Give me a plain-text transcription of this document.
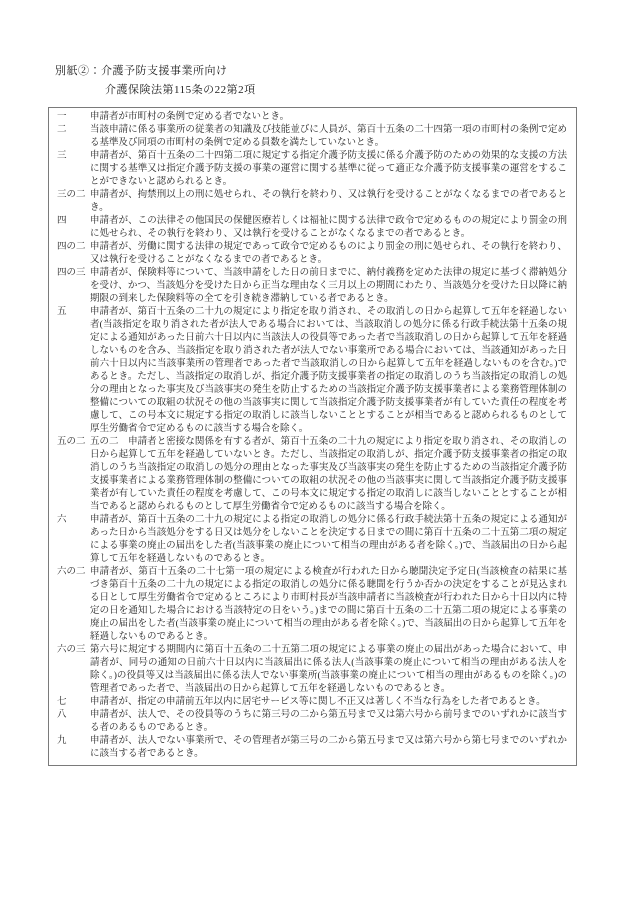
別紙②：介護予防支援事業所向け
介護保険法第115条の22第2項
一	申請者が市町村の条例で定める者でないとき。
二	当該申請に係る事業所の従業者の知識及び技能並びに人員が、第百十五条の二十四第一項の市町村の条例で定める基準及び同項の市町村の条例で定める員数を満たしていないとき。
三	申請者が、第百十五条の二十四第二項に規定する指定介護予防支援に係る介護予防のための効果的な支援の方法に関する基準又は指定介護予防支援の事業の運営に関する基準に従って適正な介護予防支援事業の運営をすることができないと認められるとき。
三の二 申請者が、拘禁刑以上の刑に処せられ、その執行を終わり、又は執行を受けることがなくなるまでの者であるとき。
四	申請者が、この法律その他国民の保健医療若しくは福祉に関する法律で政令で定めるものの規定により罰金の刑に処せられ、その執行を終わり、又は執行を受けることがなくなるまでの者であるとき。
四の二 申請者が、労働に関する法律の規定であって政令で定めるものにより罰金の刑に処せられ、その執行を終わり、又は執行を受けることがなくなるまでの者であるとき。
四の三 申請者が、保険料等について、当該申請をした日の前日までに、納付義務を定めた法律の規定に基づく滞納処分を受け、かつ、当該処分を受けた日から正当な理由なく三月以上の期間にわたり、当該処分を受けた日以降に納期限の到来した保険料等の全てを引き続き滞納している者であるとき。
五	申請者が、第百十五条の二十九の規定により指定を取り消され、その取消しの日から起算して五年を経過しない者(当該指定を取り消された者が法人である場合においては、当該取消しの処分に係る行政手続法第十五条の規定による通知があった日前六十日以内に当該法人の役員等であった者で当該取消しの日から起算して五年を経過しないものを含み、当該指定を取り消された者が法人でない事業所である場合においては、当該通知があった日前六十日以内に当該事業所の管理者であった者で当該取消しの日から起算して五年を経過しないものを含む。)であるとき。ただし、当該指定の取消しが、指定介護予防支援事業者の指定の取消しのうち当該指定の取消しの処分の理由となった事実及び当該事実の発生を防止するための当該指定介護予防支援事業者による業務管理体制の整備についての取組の状況その他の当該事実に関して当該指定介護予防支援事業者が有していた責任の程度を考慮して、この号本文に規定する指定の取消しに該当しないこととすることが相当であると認められるものとして厚生労働省令で定めるものに該当する場合を除く。
五の二 五の二　申請者と密接な関係を有する者が、第百十五条の二十九の規定により指定を取り消され、その取消しの日から起算して五年を経過していないとき。ただし、当該指定の取消しが、指定介護予防支援事業者の指定の取消しのうち当該指定の取消しの処分の理由となった事実及び当該事実の発生を防止するための当該指定介護予防支援事業者による業務管理体制の整備についての取組の状況その他の当該事実に関して当該指定介護予防支援事業者が有していた責任の程度を考慮して、この号本文に規定する指定の取消しに該当しないこととすることが相当であると認められるものとして厚生労働省令で定めるものに該当する場合を除く。
六	申請者が、第百十五条の二十九の規定による指定の取消しの処分に係る行政手続法第十五条の規定による通知があった日から当該処分をする日又は処分をしないことを決定する日までの間に第百十五条の二十五第二項の規定による事業の廃止の届出をした者(当該事業の廃止について相当の理由がある者を除く。)で、当該届出の日から起算して五年を経過しないものであるとき。
六の二 申請者が、第百十五条の二十七第一項の規定による検査が行われた日から聴聞決定予定日(当該検査の結果に基づき第百十五条の二十九の規定による指定の取消しの処分に係る聴聞を行うか否かの決定をすることが見込まれる日として厚生労働省令で定めるところにより市町村長が当該申請者に当該検査が行われた日から十日以内に特定の日を通知した場合における当該特定の日をいう。)までの間に第百十五条の二十五第二項の規定による事業の廃止の届出をした者(当該事業の廃止について相当の理由がある者を除く。)で、当該届出の日から起算して五年を経過しないものであるとき。
六の三 第六号に規定する期間内に第百十五条の二十五第二項の規定による事業の廃止の届出があった場合において、申請者が、同号の通知の日前六十日以内に当該届出に係る法人(当該事業の廃止について相当の理由がある法人を除く。)の役員等又は当該届出に係る法人でない事業所(当該事業の廃止について相当の理由があるものを除く。)の管理者であった者で、当該届出の日から起算して五年を経過しないものであるとき。
七	申請者が、指定の申請前五年以内に居宅サービス等に関し不正又は著しく不当な行為をした者であるとき。
八	申請者が、法人で、その役員等のうちに第三号の二から第五号まで又は第六号から前号までのいずれかに該当する者のあるものであるとき。
九	申請者が、法人でない事業所で、その管理者が第三号の二から第五号まで又は第六号から第七号までのいずれかに該当する者であるとき。
